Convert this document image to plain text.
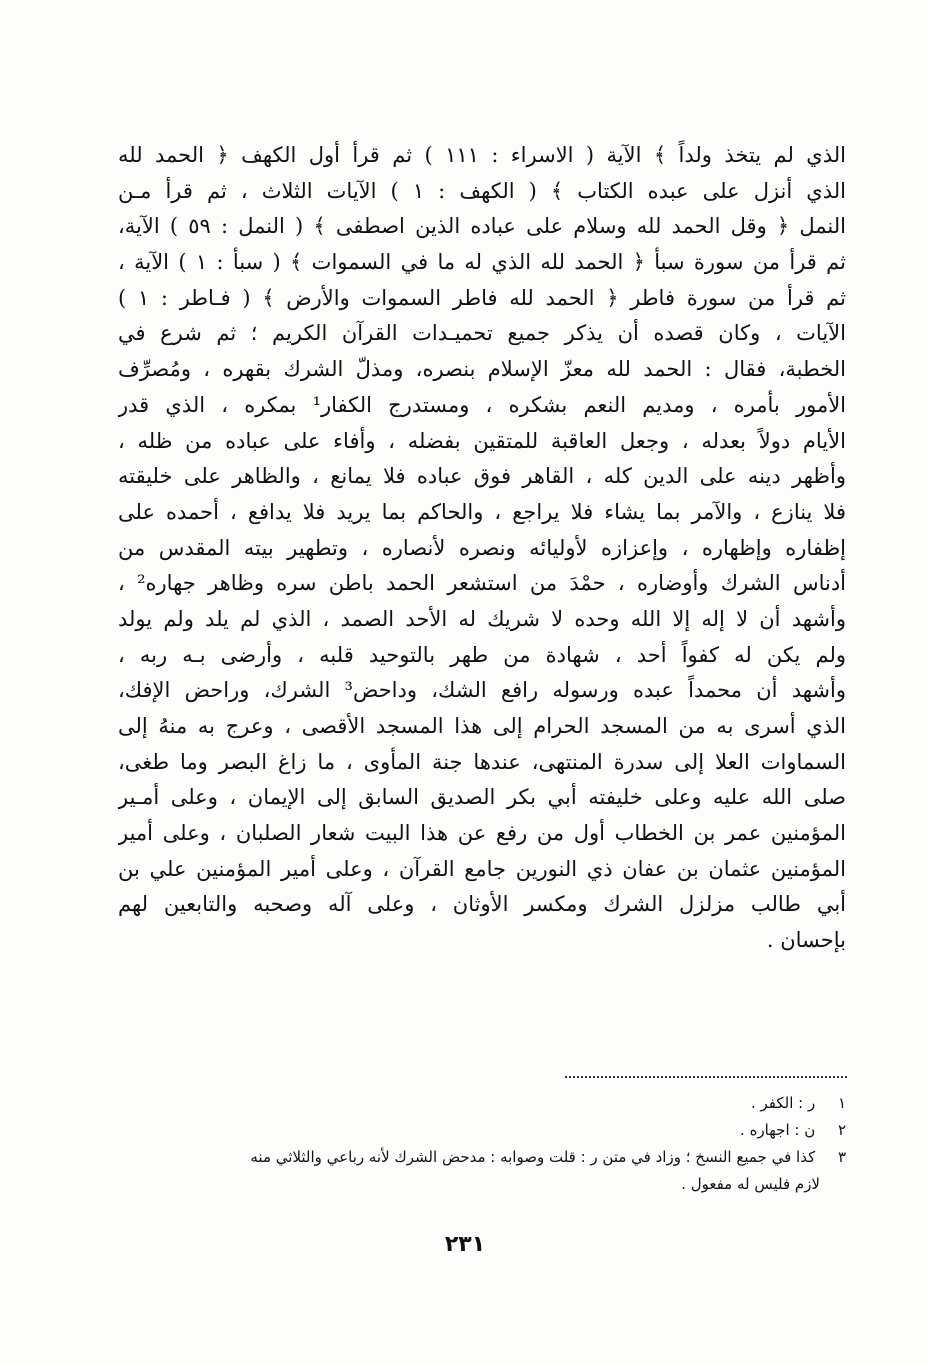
الذي لم يتخذ ولداً ﴾ الآية ( الاسراء : ١١١ ) ثم قرأ أول الكهف ﴿ الحمد لله
الذي أنزل على عبده الكتاب ﴾ ( الكهف : ١ ) الآيات الثلاث ، ثم قرأ مـن
النمل ﴿ وقل الحمد لله وسلام على عباده الذين اصطفى ﴾ ( النمل : ٥٩ ) الآية،
ثم قرأ من سورة سبأ ﴿ الحمد لله الذي له ما في السموات ﴾ ( سبأ : ١ ) الآية ،
ثم قرأ من سورة فاطر ﴿ الحمد لله فاطر السموات والأرض ﴾ ( فـاطر : ١ )
الآيات ، وكان قصده أن يذكر جميع تحميـدات القرآن الكريم ؛ ثم شرع في
الخطبة، فقال : الحمد لله معزّ الإسلام بنصره، ومذلّ الشرك بقهره ، ومُصرِّف
الأمور بأمره ، ومديم النعم بشكره ، ومستدرج الكفار¹ بمكره ، الذي قدر
الأيام دولاً بعدله ، وجعل العاقبة للمتقين بفضله ، وأفاء على عباده من ظله ،
وأظهر دينه على الدين كله ، القاهر فوق عباده فلا يمانع ، والظاهر على خليقته
فلا ينازع ، والآمر بما يشاء فلا يراجع ، والحاكم بما يريد فلا يدافع ، أحمده على
إظفاره وإظهاره ، وإعزازه لأوليائه ونصره لأنصاره ، وتطهير بيته المقدس من
أدناس الشرك وأوضاره ، حمْدَ من استشعر الحمد باطن سره وظاهر جهاره² ،
وأشهد أن لا إله إلا الله وحده لا شريك له الأحد الصمد ، الذي لم يلد ولم يولد
ولم يكن له كفواً أحد ، شهادة من طهر بالتوحيد قلبه ، وأرضى بـه ربه ،
وأشهد أن محمداً عبده ورسوله رافع الشك، وداحض³ الشرك، وراحض الإفك،
الذي أسرى به من المسجد الحرام إلى هذا المسجد الأقصى ، وعرج به منهُ إلى
السماوات العلا إلى سدرة المنتهى، عندها جنة المأوى ، ما زاغ البصر وما طغى،
صلى الله عليه وعلى خليفته أبي بكر الصديق السابق إلى الإيمان ، وعلى أمـير
المؤمنين عمر بن الخطاب أول من رفع عن هذا البيت شعار الصلبان ، وعلى أمير
المؤمنين عثمان بن عفان ذي النورين جامع القرآن ، وعلى أمير المؤمنين علي بن
أبي طالب مزلزل الشرك ومكسر الأوثان ، وعلى آله وصحبه والتابعين لهم
بإحسان .
١ ر : الكفر .
٢ ن : اجهاره .
٣ كذا في جميع النسخ ؛ وزاد في متن ر : قلت وصوابه : مدحض الشرك لأنه رباعي والثلاثي منه
لازم فليس له مفعول .
٢٣١
